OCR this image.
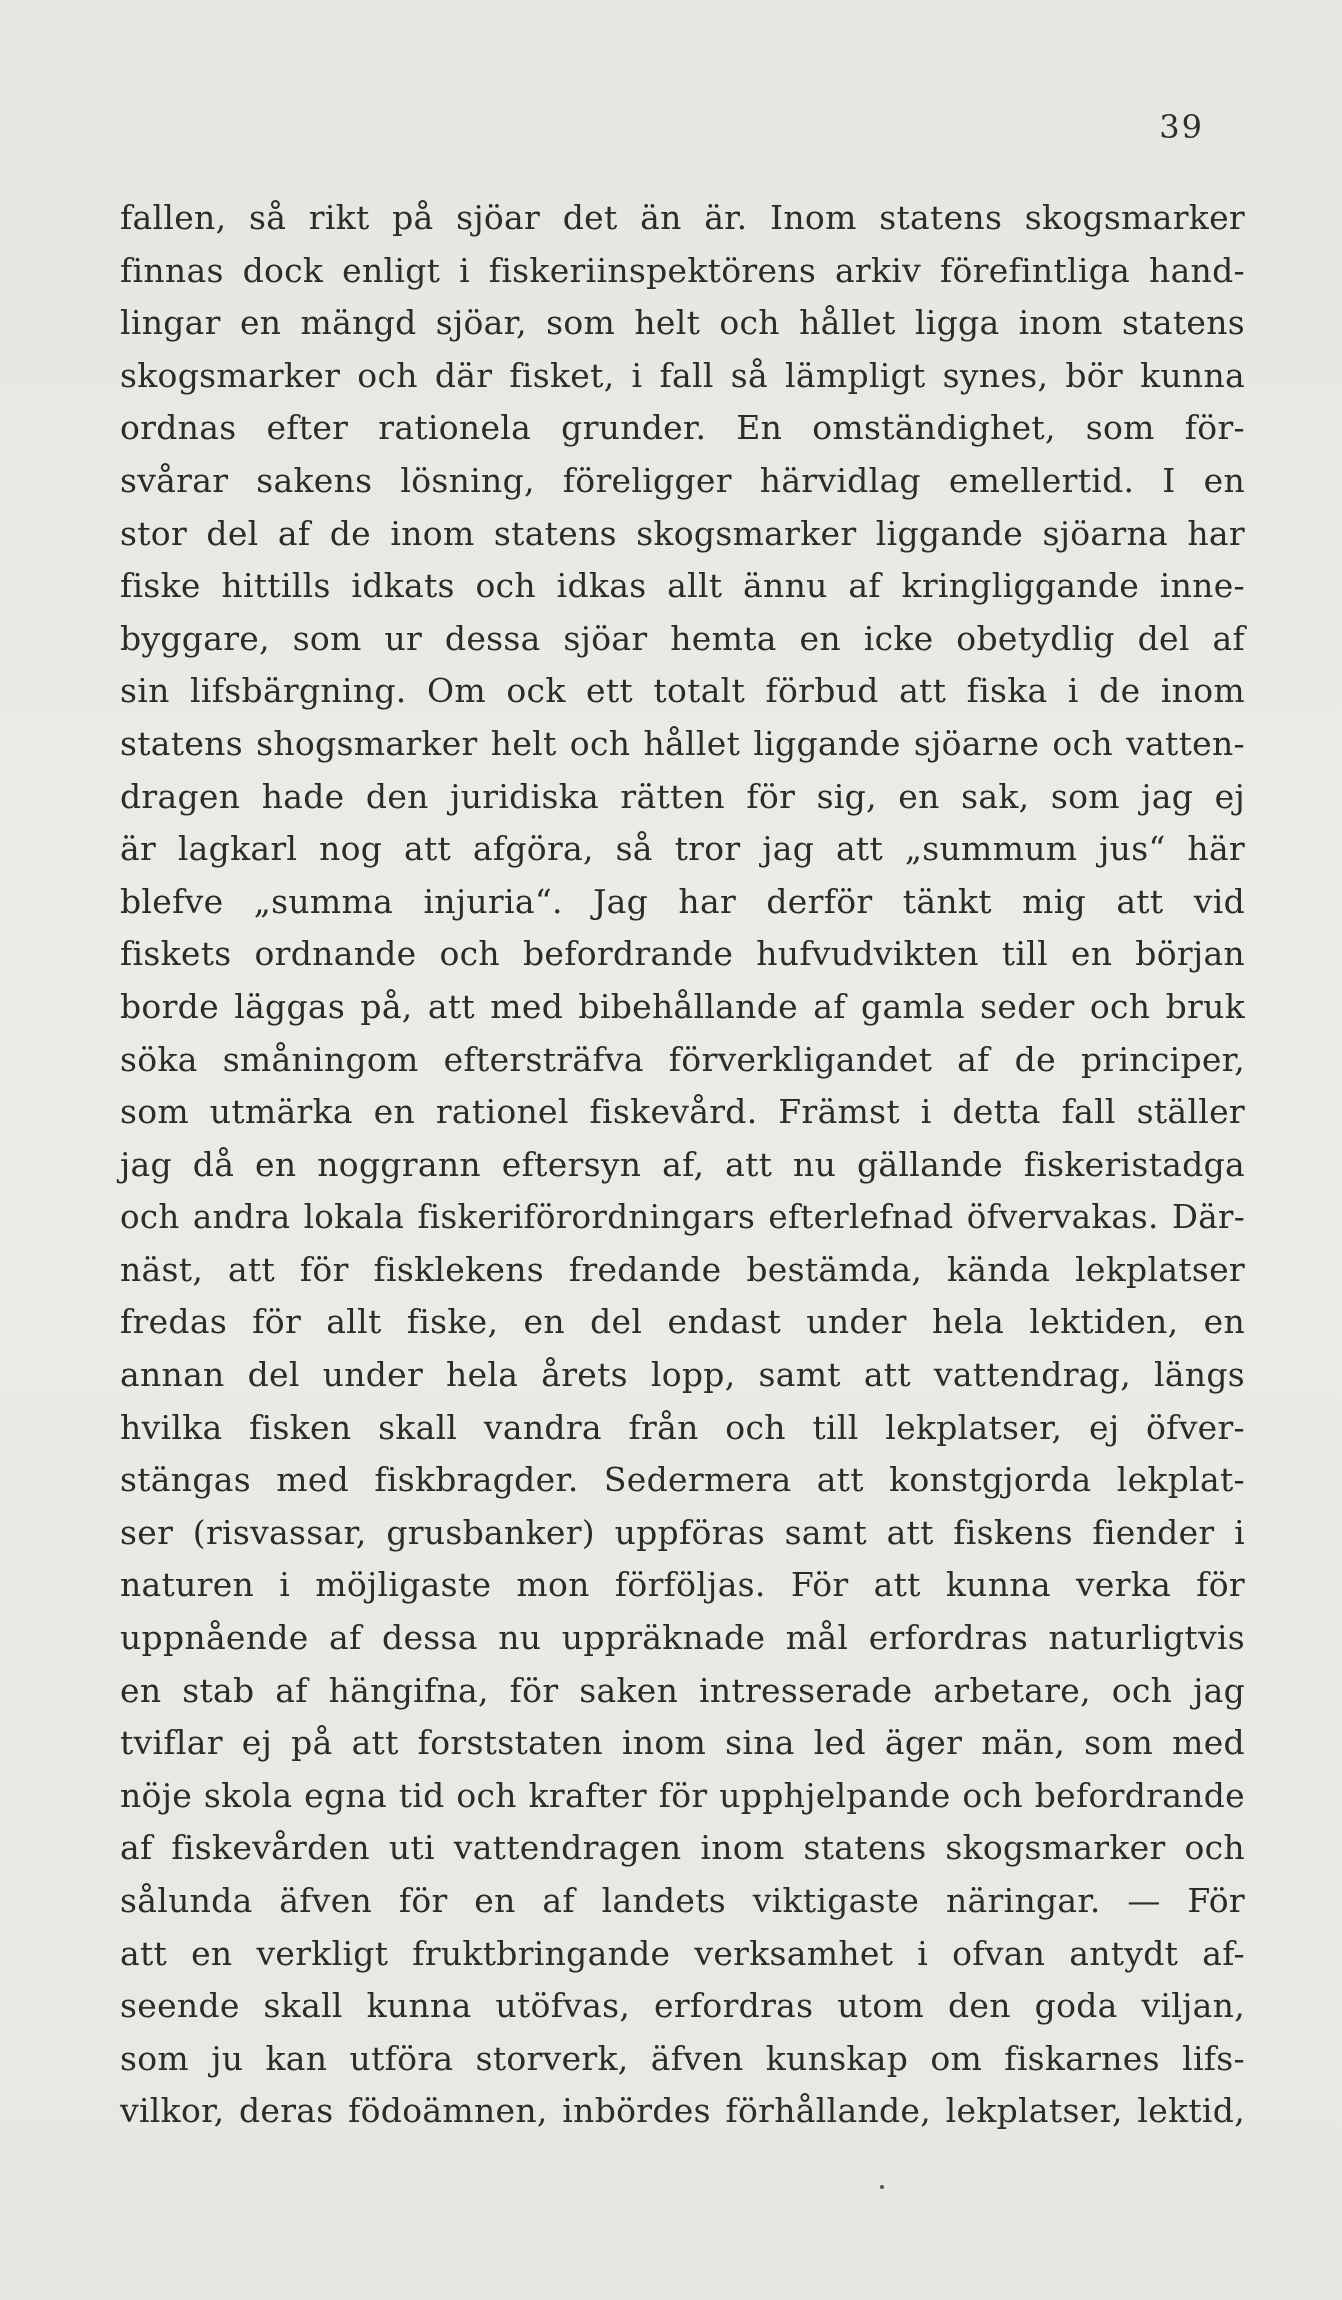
39
fallen, så rikt på sjöar det än är. Inom statens skogsmarker
finnas dock enligt i fiskeriinspektörens arkiv förefintliga hand-
lingar en mängd sjöar, som helt och hållet ligga inom statens
skogsmarker och där fisket, i fall så lämpligt synes, bör kunna
ordnas efter rationela grunder. En omständighet, som för-
svårar sakens lösning, föreligger härvidlag emellertid. I en
stor del af de inom statens skogsmarker liggande sjöarna har
fiske hittills idkats och idkas allt ännu af kringliggande inne-
byggare, som ur dessa sjöar hemta en icke obetydlig del af
sin lifsbärgning. Om ock ett totalt förbud att fiska i de inom
statens shogsmarker helt och hållet liggande sjöarne och vatten-
dragen hade den juridiska rätten för sig, en sak, som jag ej
är lagkarl nog att afgöra, så tror jag att „summum jus“ här
blefve „summa injuria“. Jag har derför tänkt mig att vid
fiskets ordnande och befordrande hufvudvikten till en början
borde läggas på, att med bibehållande af gamla seder och bruk
söka småningom eftersträfva förverkligandet af de principer,
som utmärka en rationel fiskevård. Främst i detta fall ställer
jag då en noggrann eftersyn af, att nu gällande fiskeristadga
och andra lokala fiskeriförordningars efterlefnad öfvervakas. Där-
näst, att för fisklekens fredande bestämda, kända lekplatser
fredas för allt fiske, en del endast under hela lektiden, en
annan del under hela årets lopp, samt att vattendrag, längs
hvilka fisken skall vandra från och till lekplatser, ej öfver-
stängas med fiskbragder. Sedermera att konstgjorda lekplat-
ser (risvassar, grusbanker) uppföras samt att fiskens fiender i
naturen i möjligaste mon förföljas. För att kunna verka för
uppnående af dessa nu uppräknade mål erfordras naturligtvis
en stab af hängifna, för saken intresserade arbetare, och jag
tviflar ej på att forststaten inom sina led äger män, som med
nöje skola egna tid och krafter för upphjelpande och befordrande
af fiskevården uti vattendragen inom statens skogsmarker och
sålunda äfven för en af landets viktigaste näringar. — För
att en verkligt fruktbringande verksamhet i ofvan antydt af-
seende skall kunna utöfvas, erfordras utom den goda viljan,
som ju kan utföra storverk, äfven kunskap om fiskarnes lifs-
vilkor, deras födoämnen, inbördes förhållande, lekplatser, lektid,
